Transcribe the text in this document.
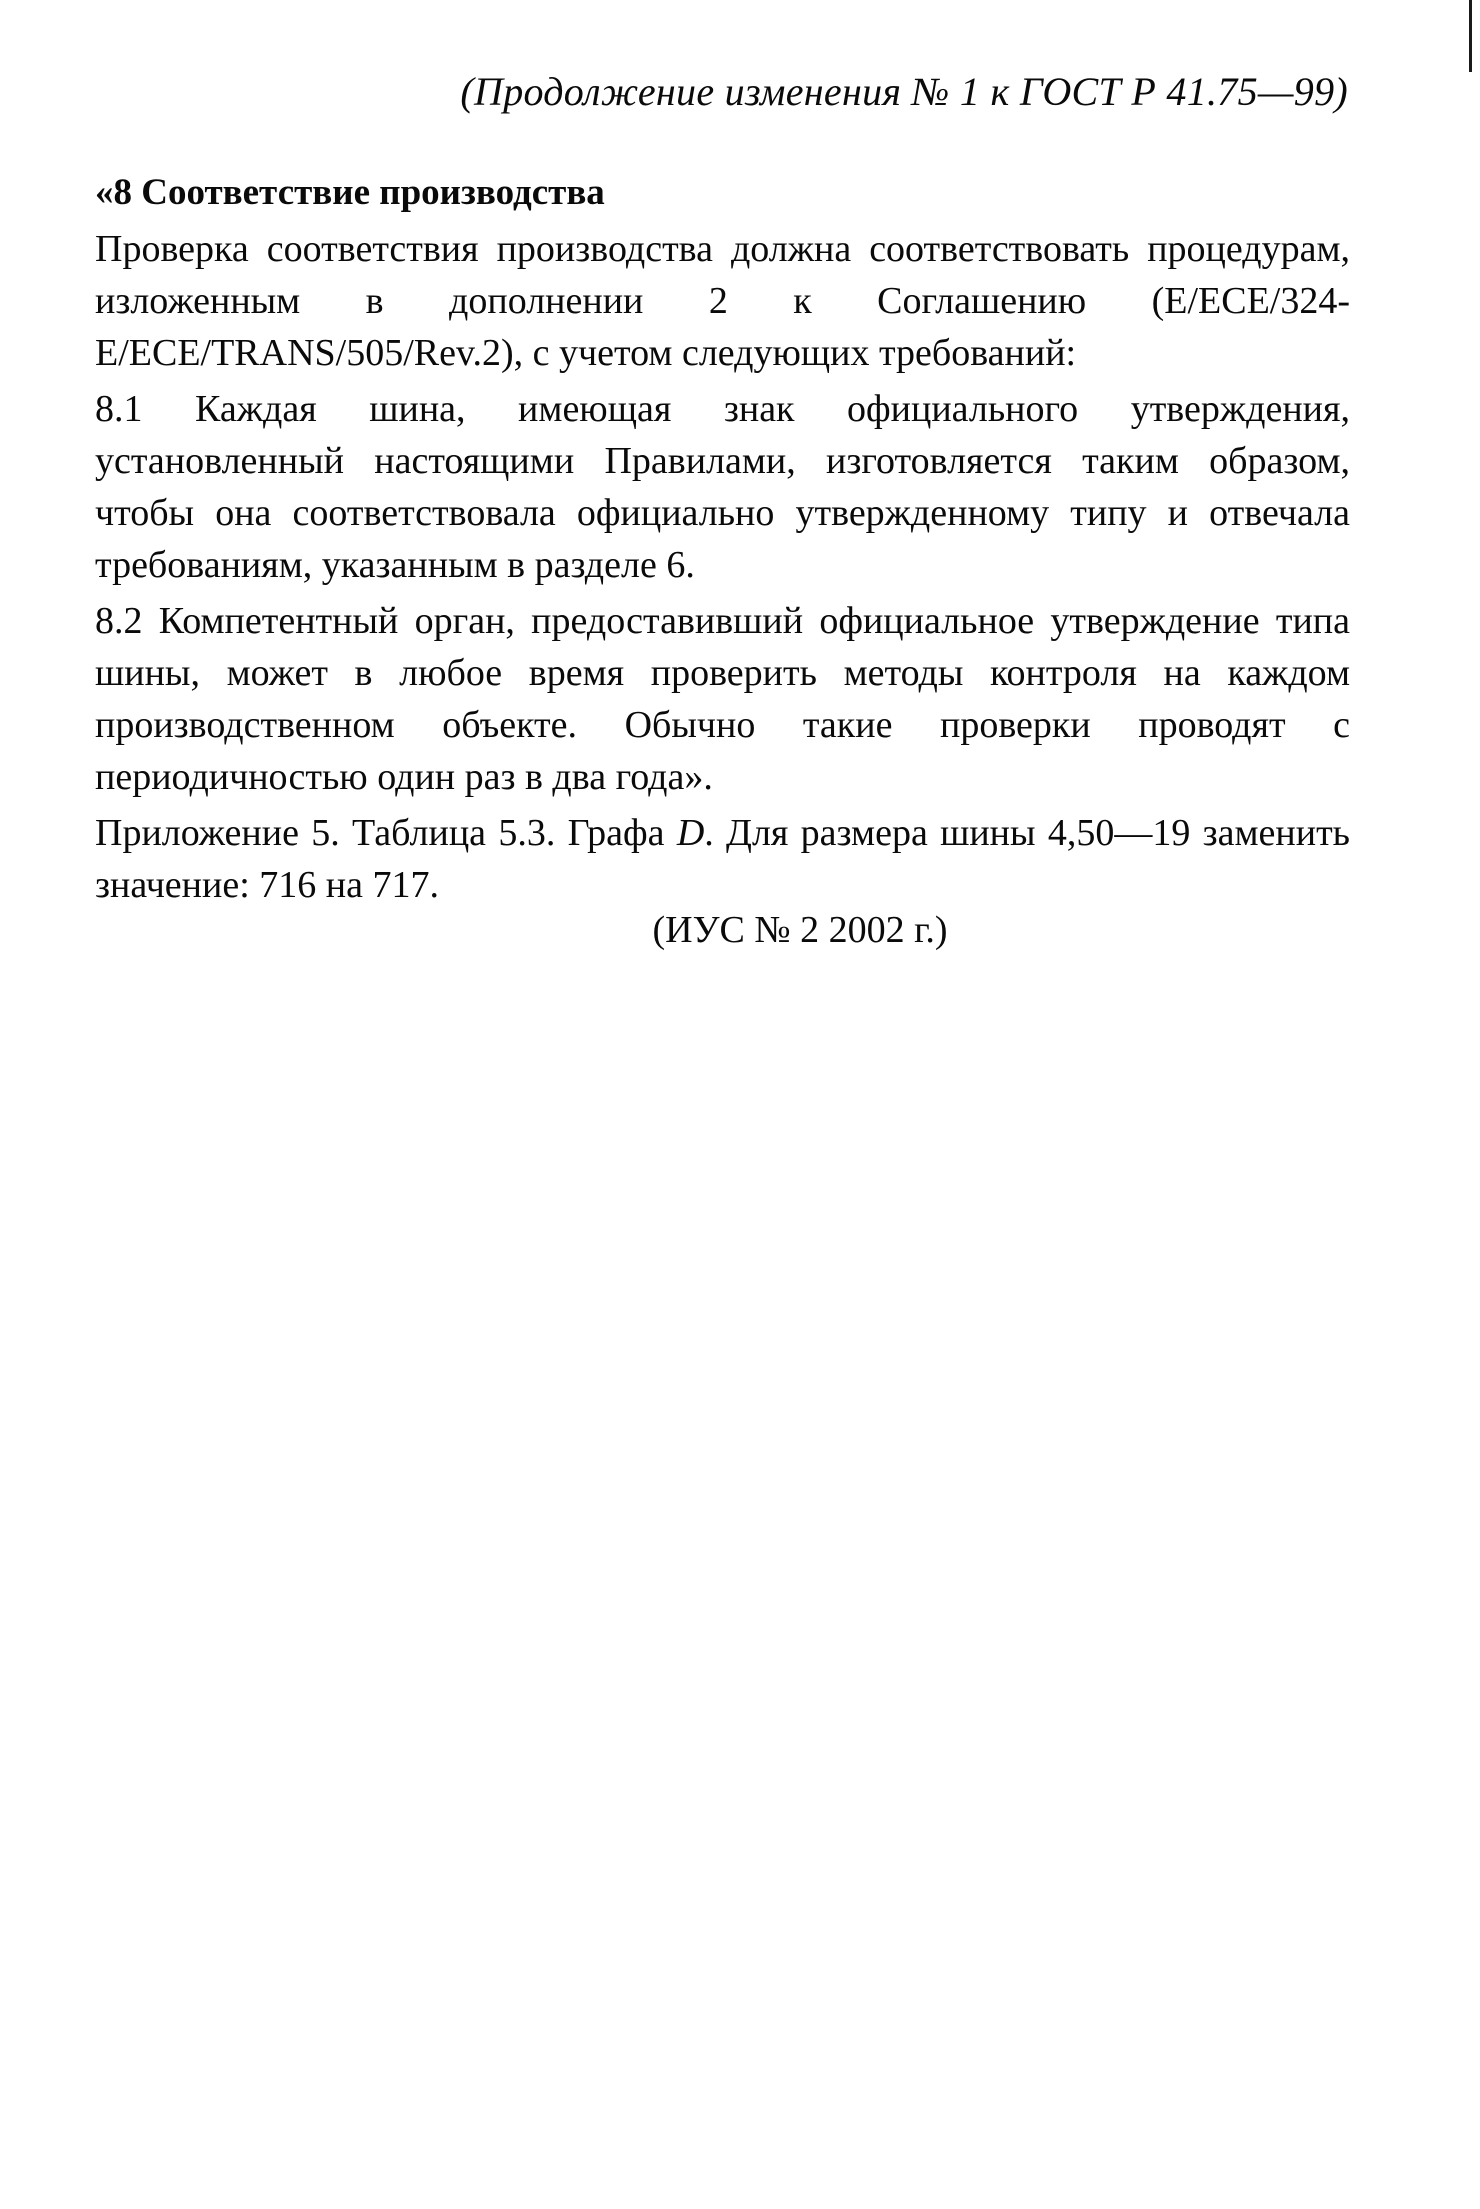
(Продолжение изменения № 1 к ГОСТ Р 41.75—99)
«8 Соответствие производства

Проверка соответствия производства должна соответствовать процедурам, изложенным в дополнении 2 к Соглашению (E/ECE/324-E/ECE/TRANS/505/Rev.2), с учетом следующих требований:

8.1 Каждая шина, имеющая знак официального утверждения, установленный настоящими Правилами, изготовляется таким образом, чтобы она соответствовала официально утвержденному типу и отвечала требованиям, указанным в разделе 6.

8.2 Компетентный орган, предоставивший официальное утверждение типа шины, может в любое время проверить методы контроля на каждом производственном объекте. Обычно такие проверки проводят с периодичностью один раз в два года».

Приложение 5. Таблица 5.3. Графа D. Для размера шины 4,50—19 заменить значение: 716 на 717.

(ИУС № 2 2002 г.)
